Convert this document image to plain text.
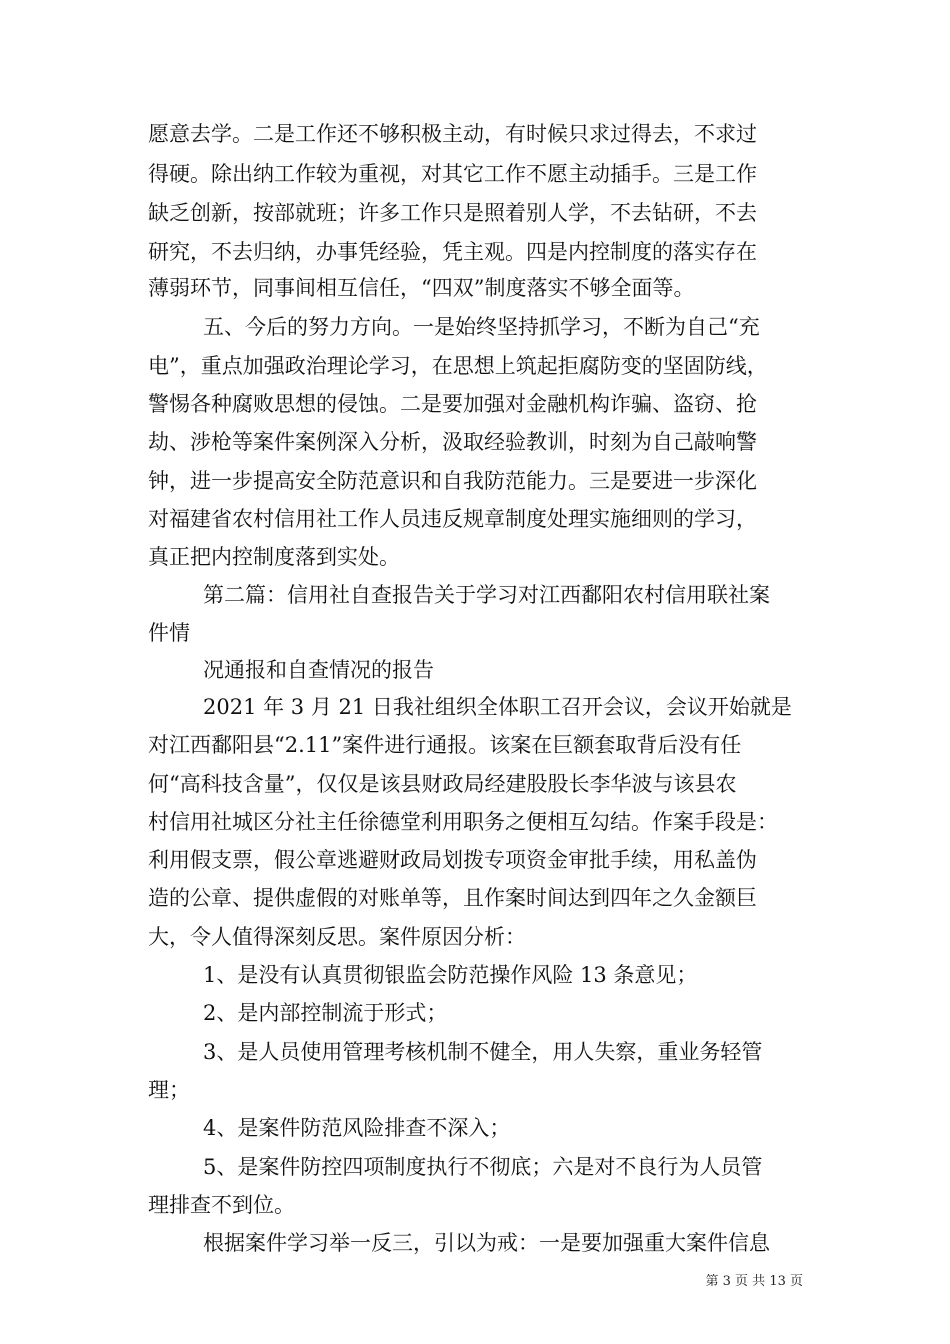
愿意去学。二是工作还不够积极主动，有时候只求过得去，不求过
得硬。除出纳工作较为重视，对其它工作不愿主动插手。三是工作
缺乏创新，按部就班；许多工作只是照着别人学，不去钻研，不去
研究，不去归纳，办事凭经验，凭主观。四是内控制度的落实存在
薄弱环节，同事间相互信任，“四双”制度落实不够全面等。
五、今后的努力方向。一是始终坚持抓学习，不断为自己“充
电”，重点加强政治理论学习，在思想上筑起拒腐防变的坚固防线，
警惕各种腐败思想的侵蚀。二是要加强对金融机构诈骗、盗窃、抢
劫、涉枪等案件案例深入分析，汲取经验教训，时刻为自己敲响警
钟，进一步提高安全防范意识和自我防范能力。三是要进一步深化
对福建省农村信用社工作人员违反规章制度处理实施细则的学习，
真正把内控制度落到实处。
第二篇：信用社自查报告关于学习对江西鄱阳农村信用联社案
件情
况通报和自查情况的报告
2021 年 3 月 21 日我社组织全体职工召开会议，会议开始就是
对江西鄱阳县“2.11”案件进行通报。该案在巨额套取背后没有任
何“高科技含量”，仅仅是该县财政局经建股股长李华波与该县农
村信用社城区分社主任徐德堂利用职务之便相互勾结。作案手段是：
利用假支票，假公章逃避财政局划拨专项资金审批手续，用私盖伪
造的公章、提供虚假的对账单等，且作案时间达到四年之久金额巨
大，令人值得深刻反思。案件原因分析：
1、是没有认真贯彻银监会防范操作风险 13 条意见；
2、是内部控制流于形式；
3、是人员使用管理考核机制不健全，用人失察，重业务轻管
理；
4、是案件防范风险排查不深入；
5、是案件防控四项制度执行不彻底；六是对不良行为人员管
理排查不到位。
根据案件学习举一反三，引以为戒：一是要加强重大案件信息
第 3 页 共 13 页
